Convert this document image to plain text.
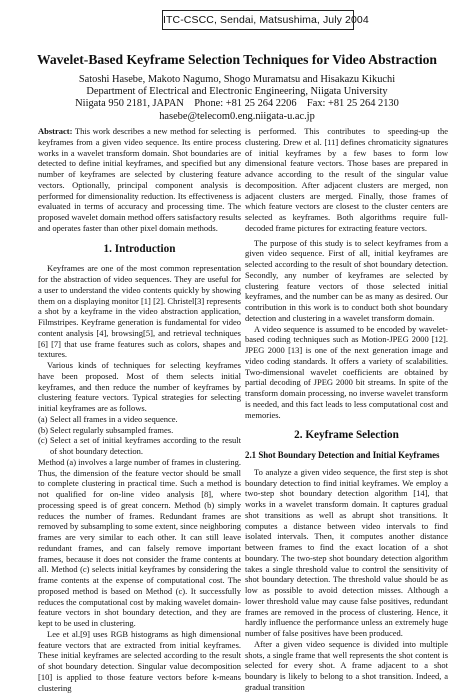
ITC-CSCC, Sendai, Matsushima, July 2004
Wavelet-Based Keyframe Selection Techniques for Video Abstraction
Satoshi Hasebe, Makoto Nagumo, Shogo Muramatsu and Hisakazu Kikuchi
Department of Electrical and Electronic Engineering, Niigata University
Niigata 950 2181, JAPAN    Phone: +81 25 264 2206    Fax: +81 25 264 2130
hasebe@telecom0.eng.niigata-u.ac.jp

Abstract: This work describes a new method for selecting keyframes from a given video sequence. Its entire process works in a wavelet transform domain. Shot boundaries are detected to define initial keyframes, and specified but any number of keyframes are selected by clustering feature vectors. Optionally, principal component analysis is performed for dimensionality reduction. Its effectiveness is evaluated in terms of accuracy and processing time. The proposed wavelet domain method offers satisfactory results and operates faster than other pixel domain methods.

1. Introduction

Keyframes are one of the most common representation for the abstraction of video sequences. They are useful for a user to understand the video contents quickly by showing them on a displaying monitor [1] [2]. Christel[3] represents a shot by a keyframe in the video abstraction application, Filmstripes. Keyframe generation is fundamental for video content analysis [4], browsing[5], and retrieval techniques [6] [7] that use frame features such as colors, shapes and textures.

Various kinds of techniques for selecting keyframes have been proposed. Most of them selects initial keyframes, and then reduce the number of keyframes by clustering feature vectors. Typical strategies for selecting initial keyframes are as follows.

(a) Select all frames in a video sequence.
(b) Select regularly subsampled frames.
(c) Select a set of initial keyframes according to the result of shot boundary detection.

Method (a) involves a large number of frames in clustering. Thus, the dimension of the feature vector should be small to complete clustering in practical time. Such a method is not qualified for on-line video analysis [8], where processing speed is of great concern. Method (b) simply reduces the number of frames. Redundant frames are removed by subsampling to some extent, since neighboring frames are very similar to each other. It can still leave redundant frames, and can falsely remove important frames, because it does not consider the frame contents at all. Method (c) selects initial keyframes by considering the frame contents at the expense of computational cost. The proposed method is based on Method (c). It successfully reduces the computational cost by making wavelet domain-feature vectors in shot boundary detection, and they are kept to be used in clustering.

Lee et al.[9] uses RGB histograms as high dimensional feature vectors that are extracted from initial keyframes. These initial keyframes are selected according to the result of shot boundary detection. Singular value decomposition [10] is applied to those feature vectors before k-means clustering

is performed. This contributes to speeding-up the clustering. Drew et al. [11] defines chromaticity signatures of initial keyframes by a few bases to form low dimensional feature vectors. Those bases are prepared in advance according to the result of the singular value decomposition. After adjacent clusters are merged, non adjacent clusters are merged. Finally, those frames of which feature vectors are closest to the cluster centers are selected as keyframes. Both algorithms require full-decoded frame pictures for extracting feature vectors.

The purpose of this study is to select keyframes from a given video sequence. First of all, initial keyframes are selected according to the result of shot boundary detection. Secondly, any number of keyframes are selected by clustering feature vectors of those selected initial keyframes, and the number can be as many as desired. Our contribution in this work is to conduct both shot boundary detection and clustering in a wavelet transform domain.

A video sequence is assumed to be encoded by wavelet-based coding techniques such as Motion-JPEG 2000 [12]. JPEG 2000 [13] is one of the next generation image and video coding standards. It offers a variety of scalabilities. Two-dimensional wavelet coefficients are obtained by partial decoding of JPEG 2000 bit streams. In spite of the transform domain processing, no inverse wavelet transform is needed, and this fact leads to less computational cost and memories.

2. Keyframe Selection
2.1 Shot Boundary Detection and Initial Keyframes

To analyze a given video sequence, the first step is shot boundary detection to find initial keyframes. We employ a two-step shot boundary detection algorithm [14], that works in a wavelet transform domain. It captures gradual shot transitions as well as abrupt shot transitions. It computes a distance between video intervals to find isolated intervals. Then, it computes another distance between frames to find the exact location of a shot boundary. The two-step shot boundary detection algorithm takes a single threshold value to control the sensitivity of shot boundary detection. The threshold value should be as low as possible to avoid detection misses. Although a lower threshold value may cause false positives, redundant frames are removed in the process of clustering. Hence, it hardly influence the performance unless an extremely huge number of false positives have been produced.

After a given video sequence is divided into multiple shots, a single frame that well represents the shot content is selected for every shot. A frame adjacent to a shot boundary is likely to belong to a shot transition. Indeed, a gradual transition
